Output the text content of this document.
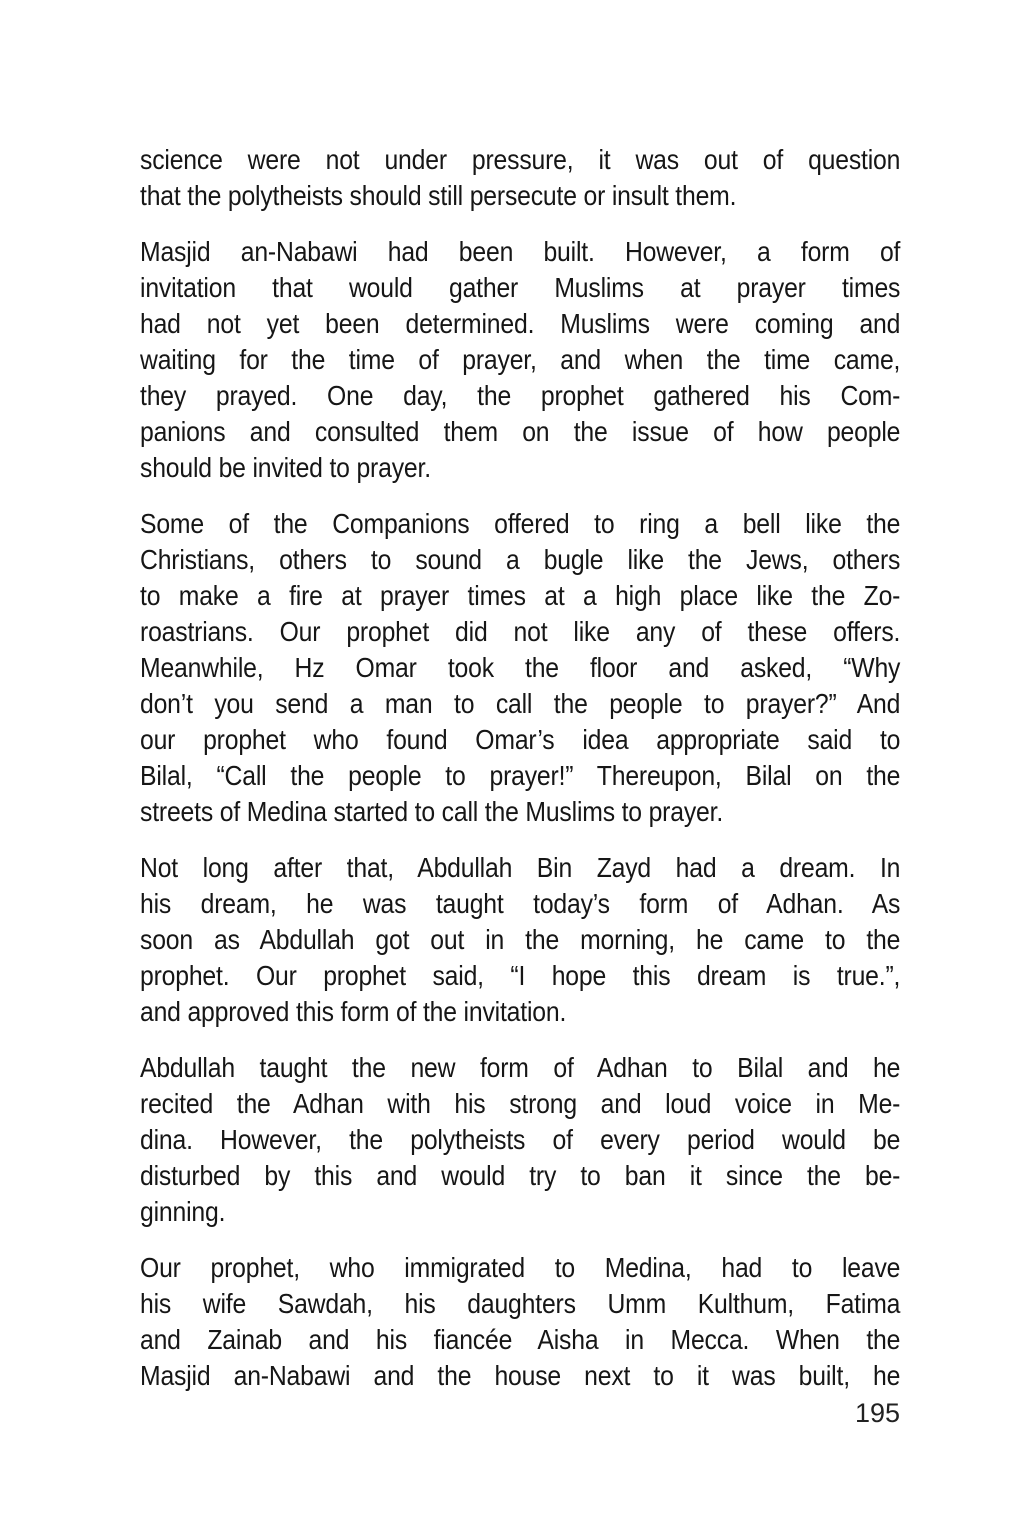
science were not under pressure, it was out of question
that the polytheists should still persecute or insult them.

Masjid an-Nabawi had been built. However, a form of
invitation that would gather Muslims at prayer times
had not yet been determined. Muslims were coming and
waiting for the time of prayer, and when the time came,
they prayed. One day, the prophet gathered his Com-
panions and consulted them on the issue of how people
should be invited to prayer.

Some of the Companions offered to ring a bell like the
Christians, others to sound a bugle like the Jews, others
to make a fire at prayer times at a high place like the Zo-
roastrians. Our prophet did not like any of these offers.
Meanwhile, Hz Omar took the floor and asked, “Why
don’t you send a man to call the people to prayer?” And
our prophet who found Omar’s idea appropriate said to
Bilal, “Call the people to prayer!” Thereupon, Bilal on the
streets of Medina started to call the Muslims to prayer.

Not long after that, Abdullah Bin Zayd had a dream. In
his dream, he was taught today’s form of Adhan. As
soon as Abdullah got out in the morning, he came to the
prophet. Our prophet said, “I hope this dream is true.”,
and approved this form of the invitation.

Abdullah taught the new form of Adhan to Bilal and he
recited the Adhan with his strong and loud voice in Me-
dina. However, the polytheists of every period would be
disturbed by this and would try to ban it since the be-
ginning.

Our prophet, who immigrated to Medina, had to leave
his wife Sawdah, his daughters Umm Kulthum, Fatima
and Zainab and his fiancée Aisha in Mecca. When the
Masjid an-Nabawi and the house next to it was built, he

195
